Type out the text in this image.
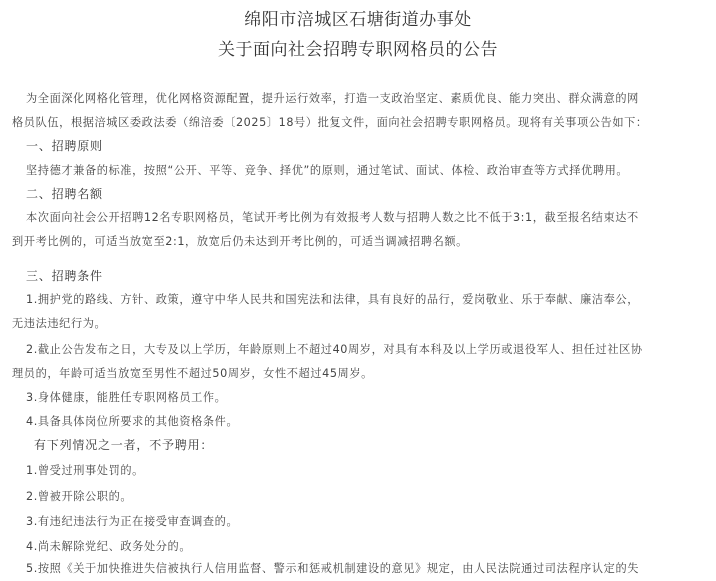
绵阳市涪城区石塘街道办事处
关于面向社会招聘专职网格员的公告
为全面深化网格化管理，优化网格资源配置，提升运行效率，打造一支政治坚定、素质优良、能力突出、群众满意的网
格员队伍，根据涪城区委政法委（绵涪委〔2025〕18号）批复文件，面向社会招聘专职网格员。现将有关事项公告如下：
一、招聘原则
坚持德才兼备的标准，按照“公开、平等、竞争、择优”的原则，通过笔试、面试、体检、政治审查等方式择优聘用。
二、招聘名额
本次面向社会公开招聘12名专职网格员，笔试开考比例为有效报考人数与招聘人数之比不低于3:1，截至报名结束达不
到开考比例的，可适当放宽至2:1，放宽后仍未达到开考比例的，可适当调减招聘名额。
三、招聘条件
1.拥护党的路线、方针、政策，遵守中华人民共和国宪法和法律，具有良好的品行，爱岗敬业、乐于奉献、廉洁奉公，
无违法违纪行为。
2.截止公告发布之日，大专及以上学历，年龄原则上不超过40周岁，对具有本科及以上学历或退役军人、担任过社区协
理员的，年龄可适当放宽至男性不超过50周岁，女性不超过45周岁。
3.身体健康，能胜任专职网格员工作。
4.具备具体岗位所要求的其他资格条件。
有下列情况之一者，不予聘用：
1.曾受过刑事处罚的。
2.曾被开除公职的。
3.有违纪违法行为正在接受审查调查的。
4.尚未解除党纪、政务处分的。
5.按照《关于加快推进失信被执行人信用监督、警示和惩戒机制建设的意见》规定，由人民法院通过司法程序认定的失
